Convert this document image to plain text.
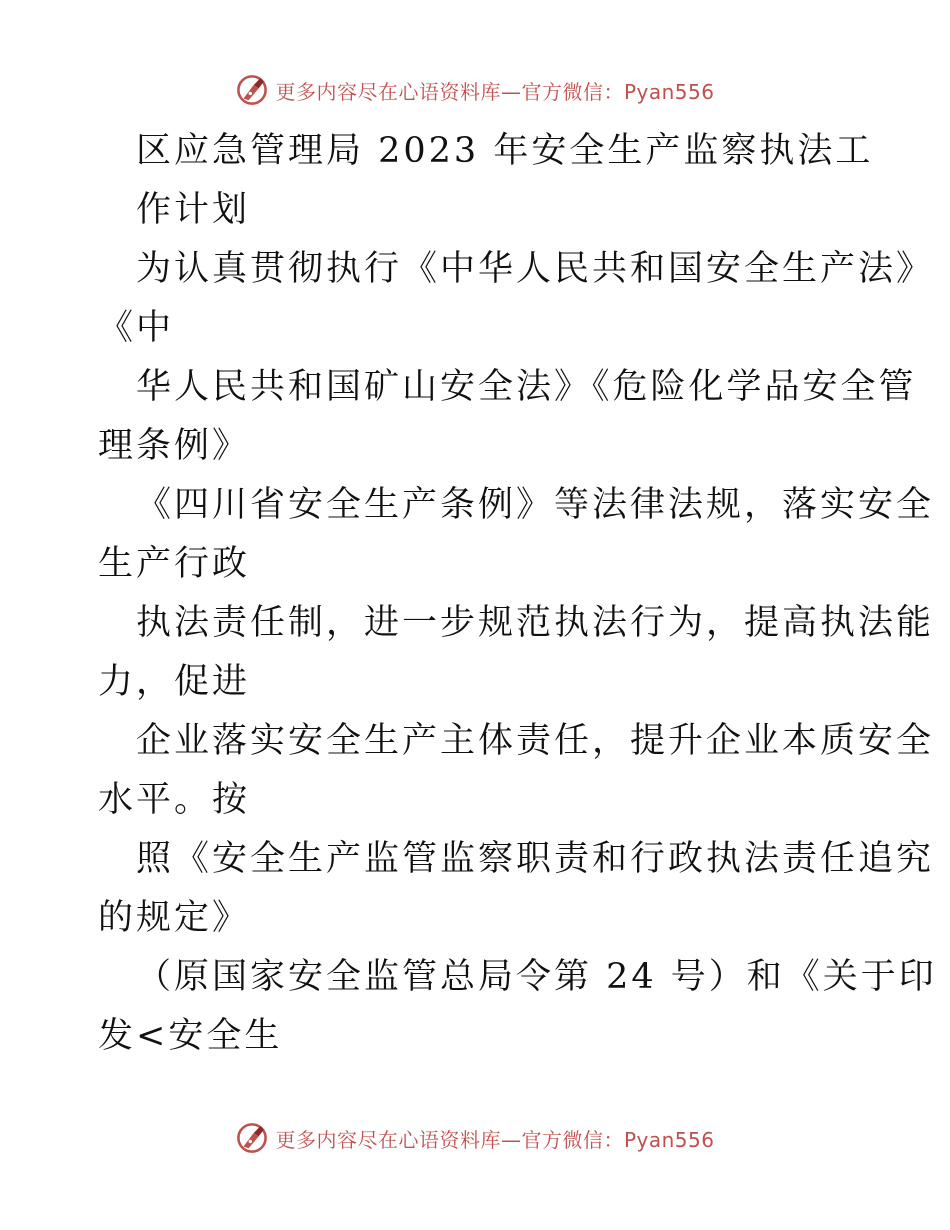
更多内容尽在心语资料库—官方微信：Pyan556
区应急管理局 2023 年安全生产监察执法工
作计划
为认真贯彻执行《中华人民共和国安全生产法》
《中
华人民共和国矿山安全法》《危险化学品安全管
理条例》
《四川省安全生产条例》等法律法规，落实安全
生产行政
执法责任制，进一步规范执法行为，提高执法能
力，促进
企业落实安全生产主体责任，提升企业本质安全
水平。按
照《安全生产监管监察职责和行政执法责任追究
的规定》
（原国家安全监管总局令第 24 号）和《关于印
发<安全生
更多内容尽在心语资料库—官方微信：Pyan556
